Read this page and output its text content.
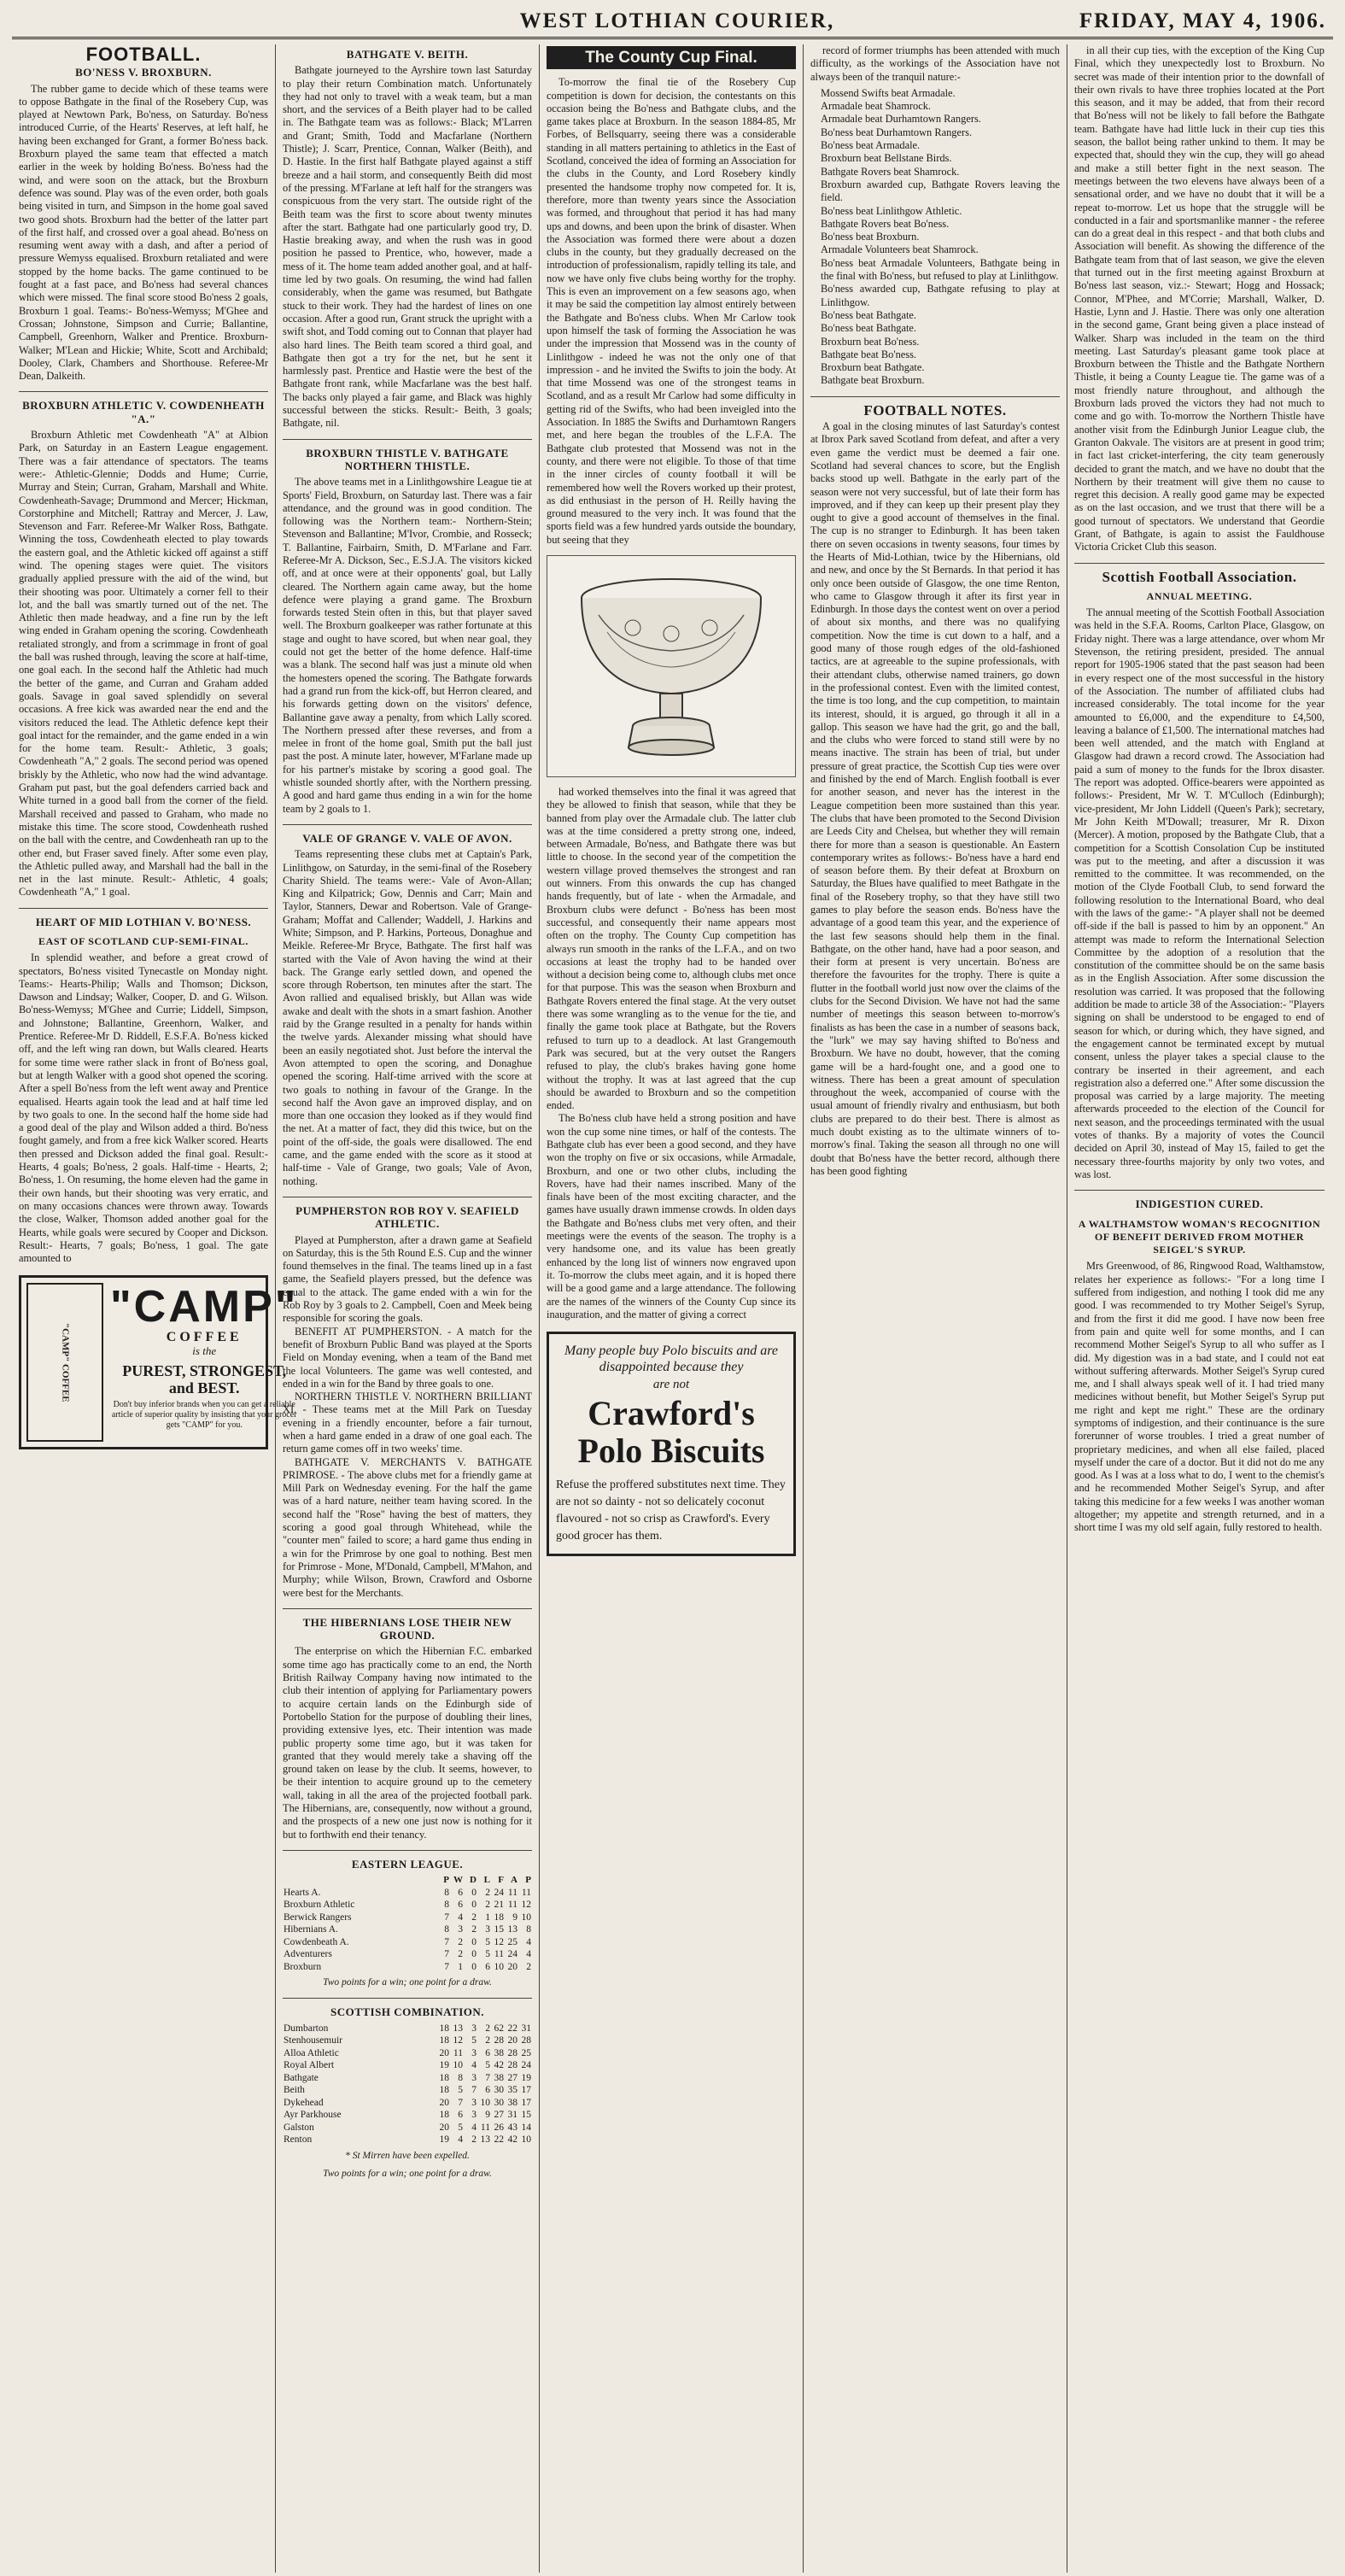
WEST LOTHIAN COURIER,	FRIDAY, MAY 4, 1906.
FOOTBALL.
BO'NESS V. BROXBURN.

The rubber game to decide which of these teams were to oppose Bathgate in the final of the Rosebery Cup, was played at Newtown Park, Bo'ness, on Saturday. Bo'ness introduced Currie, of the Hearts' Reserves, at left half, he having been exchanged for Grant, a former Bo'ness back. Broxburn played the same team that effected a match earlier in the week by holding Bo'ness. Bo'ness had the wind, and were soon on the attack, but the Broxburn defence was sound. Play was of the even order, both goals being visited in turn, and Simpson in the home goal saved two good shots. Broxburn had the better of the latter part of the first half, and crossed over a goal ahead. Bo'ness on resuming went away with a dash, and after a period of pressure Wemyss equalised. Broxburn retaliated and were stopped by the home backs. The game continued to be fought at a fast pace, and Bo'ness had several chances which were missed. The final score stood Bo'ness 2 goals, Broxburn 1 goal. Teams:- Bo'ness-Wemyss; M'Ghee and Crossan; Johnstone, Simpson and Currie; Ballantine, Campbell, Greenhorn, Walker and Prentice. Broxburn-Walker; M'Lean and Hickie; White, Scott and Archibald; Dooley, Clark, Chambers and Shorthouse. Referee-Mr Dean, Dalkeith.

BROXBURN ATHLETIC V. COWDENHEATH "A."

Broxburn Athletic met Cowdenheath "A" at Albion Park, on Saturday in an Eastern League engagement. There was a fair attendance of spectators. The teams were:- Athletic-Glennie; Dodds and Hume; Currie, Murray and Stein; Curran, Graham, Marshall and White. Cowdenheath-Savage; Drummond and Mercer; Hickman, Corstorphine and Mitchell; Rattray and Mercer, J. Law, Stevenson and Farr. Referee-Mr Walker Ross, Bathgate. Winning the toss, Cowdenheath elected to play towards the eastern goal, and the Athletic kicked off against a stiff wind. The opening stages were quiet. The visitors gradually applied pressure with the aid of the wind, but their shooting was poor. Ultimately a corner fell to their lot, and the ball was smartly turned out of the net. The Athletic then made headway, and a fine run by the left wing ended in Graham opening the scoring. Cowdenheath retaliated strongly, and from a scrimmage in front of goal the ball was rushed through, leaving the score at half-time, one goal each. In the second half the Athletic had much the better of the game, and Curran and Graham added goals. Savage in goal saved splendidly on several occasions. A free kick was awarded near the end and the visitors reduced the lead. The Athletic defence kept their goal intact for the remainder, and the game ended in a win for the home team. Result:- Athletic, 3 goals; Cowdenheath "A," 2 goals. The second period was opened briskly by the Athletic, who now had the wind advantage. Graham put past, but the goal defenders carried back and White turned in a good ball from the corner of the field. Marshall received and passed to Graham, who made no mistake this time. The score stood, Cowdenheath rushed on the ball with the centre, and Cowdenheath ran up to the other end, but Fraser saved finely. After some even play, the Athletic pulled away, and Marshall had the ball in the net in the last minute. Result:- Athletic, 4 goals; Cowdenheath "A," 1 goal.

HEART OF MID LOTHIAN V. BO'NESS.
EAST OF SCOTLAND CUP-SEMI-FINAL.

In splendid weather, and before a great crowd of spectators, Bo'ness visited Tynecastle on Monday night. Teams:- Hearts-Philip; Walls and Thomson; Dickson, Dawson and Lindsay; Walker, Cooper, D. and G. Wilson. Bo'ness-Wemyss; M'Ghee and Currie; Liddell, Simpson, and Johnstone; Ballantine, Greenhorn, Walker, and Prentice. Referee-Mr D. Riddell, E.S.F.A. Bo'ness kicked off, and the left wing ran down, but Walls cleared. Hearts for some time were rather slack in front of Bo'ness goal, but at length Walker with a good shot opened the scoring. After a spell Bo'ness from the left went away and Prentice equalised. Hearts again took the lead and at half time led by two goals to one. In the second half the home side had a good deal of the play and Wilson added a third. Bo'ness fought gamely, and from a free kick Walker scored. Hearts then pressed and Dickson added the final goal. Result:- Hearts, 4 goals; Bo'ness, 2 goals. Half-time - Hearts, 2; Bo'ness, 1. On resuming, the home eleven had the game in their own hands, but their shooting was very erratic, and on many occasions chances were thrown away. Towards the close, Walker, Thomson added another goal for the Hearts, while goals were secured by Cooper and Dickson. Result:- Hearts, 7 goals; Bo'ness, 1 goal. The gate amounted to

"CAMP" COFFEE
"CAMP"
COFFEE
is the
PUREST, STRONGEST, and BEST.
Don't buy inferior brands when you can get a reliable article of superior quality by insisting that your grocer gets "CAMP" for you.
BATHGATE V. BEITH.

Bathgate journeyed to the Ayrshire town last Saturday to play their return Combination match. Unfortunately they had not only to travel with a weak team, but a man short, and the services of a Beith player had to be called in. The Bathgate team was as follows:- Black; M'Larren and Grant; Smith, Todd and Macfarlane (Northern Thistle); J. Scarr, Prentice, Connan, Walker (Beith), and D. Hastie. In the first half Bathgate played against a stiff breeze and a hail storm, and consequently Beith did most of the pressing. M'Farlane at left half for the strangers was conspicuous from the very start. The outside right of the Beith team was the first to score about twenty minutes after the start. Bathgate had one particularly good try, D. Hastie breaking away, and when the rush was in good position he passed to Prentice, who, however, made a mess of it. The home team added another goal, and at half-time led by two goals. On resuming, the wind had fallen considerably, when the game was resumed, but Bathgate stuck to their work. They had the hardest of lines on one occasion. After a good run, Grant struck the upright with a swift shot, and Todd coming out to Connan that player had also hard lines. The Beith team scored a third goal, and Bathgate then got a try for the net, but he sent it harmlessly past. Prentice and Hastie were the best of the Bathgate front rank, while Macfarlane was the best half. The backs only played a fair game, and Black was highly successful between the sticks. Result:- Beith, 3 goals; Bathgate, nil.

BROXBURN THISTLE V. BATHGATE NORTHERN THISTLE.

The above teams met in a Linlithgowshire League tie at Sports' Field, Broxburn, on Saturday last. There was a fair attendance, and the ground was in good condition. The following was the Northern team:- Northern-Stein; Stevenson and Ballantine; M'Ivor, Crombie, and Rosseck; T. Ballantine, Fairbairn, Smith, D. M'Farlane and Farr. Referee-Mr A. Dickson, Sec., E.S.J.A. The visitors kicked off, and at once were at their opponents' goal, but Lally cleared. The Northern again came away, but the home defence were playing a grand game. The Broxburn forwards tested Stein often in this, but that player saved well. The Broxburn goalkeeper was rather fortunate at this stage and ought to have scored, but when near goal, they could not get the better of the home defence. Half-time was a blank. The second half was just a minute old when the homesters opened the scoring. The Bathgate forwards had a grand run from the kick-off, but Herron cleared, and his forwards getting down on the visitors' defence, Ballantine gave away a penalty, from which Lally scored. The Northern pressed after these reverses, and from a melee in front of the home goal, Smith put the ball just past the post. A minute later, however, M'Farlane made up for his partner's mistake by scoring a good goal. The whistle sounded shortly after, with the Northern pressing. A good and hard game thus ending in a win for the home team by 2 goals to 1.

VALE OF GRANGE V. VALE OF AVON.

Teams representing these clubs met at Captain's Park, Linlithgow, on Saturday, in the semi-final of the Rosebery Charity Shield. The teams were:- Vale of Avon-Allan; King and Kilpatrick; Gow, Dennis and Carr; Main and Taylor, Stanners, Dewar and Robertson. Vale of Grange-Graham; Moffat and Callender; Waddell, J. Harkins and White; Simpson, and P. Harkins, Porteous, Donaghue and Meikle. Referee-Mr Bryce, Bathgate. The first half was started with the Vale of Avon having the wind at their back. The Grange early settled down, and opened the score through Robertson, ten minutes after the start. The Avon rallied and equalised briskly, but Allan was wide awake and dealt with the shots in a smart fashion. Another raid by the Grange resulted in a penalty for hands within the twelve yards. Alexander missing what should have been an easily negotiated shot. Just before the interval the Avon attempted to open the scoring, and Donaghue opened the scoring. Half-time arrived with the score at two goals to nothing in favour of the Grange. In the second half the Avon gave an improved display, and on more than one occasion they looked as if they would find the net. At a matter of fact, they did this twice, but on the point of the off-side, the goals were disallowed. The end came, and the game ended with the score as it stood at half-time - Vale of Grange, two goals; Vale of Avon, nothing.

PUMPHERSTON ROB ROY V. SEAFIELD ATHLETIC.

Played at Pumpherston, after a drawn game at Seafield on Saturday, this is the 5th Round E.S. Cup and the winner found themselves in the final. The teams lined up in a fast game, the Seafield players pressed, but the defence was equal to the attack. The game ended with a win for the Rob Roy by 3 goals to 2. Campbell, Coen and Meek being responsible for scoring the goals.

BENEFIT AT PUMPHERSTON. - A match for the benefit of Broxburn Public Band was played at the Sports Field on Monday evening, when a team of the Band met the local Volunteers. The game was well contested, and ended in a win for the Band by three goals to one.

NORTHERN THISTLE V. NORTHERN BRILLIANT XI. - These teams met at the Mill Park on Tuesday evening in a friendly encounter, before a fair turnout, when a hard game ended in a draw of one goal each. The return game comes off in two weeks' time.

BATHGATE V. MERCHANTS V. BATHGATE PRIMROSE. - The above clubs met for a friendly game at Mill Park on Wednesday evening. For the half the game was of a hard nature, neither team having scored. In the second half the "Rose" having the best of matters, they scoring a good goal through Whitehead, while the "counter men" failed to score; a hard game thus ending in a win for the Primrose by one goal to nothing. Best men for Primrose - Mone, M'Donald, Campbell, M'Mahon, and Murphy; while Wilson, Brown, Crawford and Osborne were best for the Merchants.

THE HIBERNIANS LOSE THEIR NEW GROUND.

The enterprise on which the Hibernian F.C. embarked some time ago has practically come to an end, the North British Railway Company having now intimated to the club their intention of applying for Parliamentary powers to acquire certain lands on the Edinburgh side of Portobello Station for the purpose of doubling their lines, providing extensive lyes, etc. Their intention was made public property some time ago, but it was taken for granted that they would merely take a shaving off the ground taken on lease by the club. It seems, however, to be their intention to acquire ground up to the cemetery wall, taking in all the area of the projected football park. The Hibernians, are, consequently, now without a ground, and the prospects of a new one just now is nothing for it but to forthwith end their tenancy.

EASTERN LEAGUE.
	P	W	D	L	F	A	P
Hearts A.	8	6	0	2	24	11	11
Broxburn Athletic	8	6	0	2	21	11	12
Berwick Rangers	7	4	2	1	18	9	10
Hibernians A.	8	3	2	3	15	13	8
Cowdenbeath A.	7	2	0	5	12	25	4
Adventurers	7	2	0	5	11	24	4
Broxburn	7	1	0	6	10	20	2
Two points for a win; one point for a draw.
SCOTTISH COMBINATION.
Dumbarton	18	13	3	2	62	22	31
Stenhousemuir	18	12	5	2	28	20	28
Alloa Athletic	20	11	3	6	38	28	25
Royal Albert	19	10	4	5	42	28	24
Bathgate	18	8	3	7	38	27	19
Beith	18	5	7	6	30	35	17
Dykehead	20	7	3	10	30	38	17
Ayr Parkhouse	18	6	3	9	27	31	15
Galston	20	5	4	11	26	43	14
Renton	19	4	2	13	22	42	10
* St Mirren have been expelled.
Two points for a win; one point for a draw.
The County Cup Final.

To-morrow the final tie of the Rosebery Cup competition is down for decision, the contestants on this occasion being the Bo'ness and Bathgate clubs, and the game takes place at Broxburn. In the season 1884-85, Mr Forbes, of Bellsquarry, seeing there was a considerable standing in all matters pertaining to athletics in the East of Scotland, conceived the idea of forming an Association for the clubs in the County, and Lord Rosebery kindly presented the handsome trophy now competed for. It is, therefore, more than twenty years since the Association was formed, and throughout that period it has had many ups and downs, and been upon the brink of disaster. When the Association was formed there were about a dozen clubs in the county, but they gradually decreased on the introduction of professionalism, rapidly telling its tale, and now we have only five clubs being worthy for the trophy. This is even an improvement on a few seasons ago, when it may be said the competition lay almost entirely between the Bathgate and Bo'ness clubs. When Mr Carlow took upon himself the task of forming the Association he was under the impression that Mossend was in the county of Linlithgow - indeed he was not the only one of that impression - and he invited the Swifts to join the body. At that time Mossend was one of the strongest teams in Scotland, and as a result Mr Carlow had some difficulty in getting rid of the Swifts, who had been inveigled into the Association. In 1885 the Swifts and Durhamtown Rangers met, and here began the troubles of the L.F.A. The Bathgate club protested that Mossend was not in the county, and there were not eligible. To those of that time in the inner circles of county football it will be remembered how well the Rovers worked up their protest, as did enthusiast in the person of H. Reilly having the ground measured to the very inch. It was found that the sports field was a few hundred yards outside the boundary, but seeing that they

had worked themselves into the final it was agreed that they be allowed to finish that season, while that they be banned from play over the Armadale club. The latter club was at the time considered a pretty strong one, indeed, between Armadale, Bo'ness, and Bathgate there was but little to choose. In the second year of the competition the western village proved themselves the strongest and ran out winners. From this onwards the cup has changed hands frequently, but of late - when the Armadale, and Broxburn clubs were defunct - Bo'ness has been most successful, and consequently their name appears most often on the trophy. The County Cup competition has always run smooth in the ranks of the L.F.A., and on two occasions at least the trophy had to be handed over without a decision being come to, although clubs met once for that purpose. This was the season when Broxburn and Bathgate Rovers entered the final stage. At the very outset there was some wrangling as to the venue for the tie, and finally the game took place at Bathgate, but the Rovers refused to turn up to a deadlock. At last Grangemouth Park was secured, but at the very outset the Rangers refused to play, the club's brakes having gone home without the trophy. It was at last agreed that the cup should be awarded to Broxburn and so the competition ended.

The Bo'ness club have held a strong position and have won the cup some nine times, or half of the contests. The Bathgate club has ever been a good second, and they have won the trophy on five or six occasions, while Armadale, Broxburn, and one or two other clubs, including the Rovers, have had their names inscribed. Many of the finals have been of the most exciting character, and the games have usually drawn immense crowds. In olden days the Bathgate and Bo'ness clubs met very often, and their meetings were the events of the season. The trophy is a very handsome one, and its value has been greatly enhanced by the long list of winners now engraved upon it. To-morrow the clubs meet again, and it is hoped there will be a good game and a large attendance. The following are the names of the winners of the County Cup since its inauguration, and the matter of giving a correct

Many people buy Polo biscuits and are disappointed because they
are not
Crawford's
Polo Biscuits
Refuse the proffered substitutes next time. They are not so dainty - not so delicately coconut flavoured - not so crisp as Crawford's. Every good grocer has them.

record of former triumphs has been attended with much difficulty, as the workings of the Association have not always been of the tranquil nature:-

Mossend Swifts beat Armadale.
Armadale beat Shamrock.
Armadale beat Durhamtown Rangers.
Bo'ness beat Durhamtown Rangers.
Bo'ness beat Armadale.
Broxburn beat Bellstane Birds.
Bathgate Rovers beat Shamrock.
Broxburn awarded cup, Bathgate Rovers leaving the field.
Bo'ness beat Linlithgow Athletic.
Bathgate Rovers beat Bo'ness.
Bo'ness beat Broxburn.
Armadale Volunteers beat Shamrock.
Bo'ness beat Armadale Volunteers, Bathgate being in the final with Bo'ness, but refused to play at Linlithgow.
Bo'ness awarded cup, Bathgate refusing to play at Linlithgow.
Bo'ness beat Bathgate.
Bo'ness beat Bathgate.
Broxburn beat Bo'ness.
Bathgate beat Bo'ness.
Broxburn beat Bathgate.
Bathgate beat Broxburn.
FOOTBALL NOTES.

A goal in the closing minutes of last Saturday's contest at Ibrox Park saved Scotland from defeat, and after a very even game the verdict must be deemed a fair one. Scotland had several chances to score, but the English backs stood up well. Bathgate in the early part of the season were not very successful, but of late their form has improved, and if they can keep up their present play they ought to give a good account of themselves in the final. The cup is no stranger to Edinburgh. It has been taken there on seven occasions in twenty seasons, four times by the Hearts of Mid-Lothian, twice by the Hibernians, old and new, and once by the St Bernards. In that period it has only once been outside of Glasgow, the one time Renton, who came to Glasgow through it after its first year in Edinburgh. In those days the contest went on over a period of about six months, and there was no qualifying competition. Now the time is cut down to a half, and a good many of those rough edges of the old-fashioned tactics, are at agreeable to the supine professionals, with their attendant clubs, otherwise named trainers, go down in the professional contest. Even with the limited contest, the time is too long, and the cup competition, to maintain its interest, should, it is argued, go through it all in a gallop. This season we have had the grit, go and the ball, and the clubs who were forced to stand still were by no means inactive. The strain has been of trial, but under pressure of great practice, the Scottish Cup ties were over and finished by the end of March. English football is ever for another season, and never has the interest in the League competition been more sustained than this year. The clubs that have been promoted to the Second Division are Leeds City and Chelsea, but whether they will remain there for more than a season is questionable. An Eastern contemporary writes as follows:- Bo'ness have a hard end of season before them. By their defeat at Broxburn on Saturday, the Blues have qualified to meet Bathgate in the final of the Rosebery trophy, so that they have still two games to play before the season ends. Bo'ness have the advantage of a good team this year, and the experience of the last few seasons should help them in the final. Bathgate, on the other hand, have had a poor season, and their form at present is very uncertain. Bo'ness are therefore the favourites for the trophy. There is quite a flutter in the football world just now over the claims of the clubs for the Second Division. We have not had the same number of meetings this season between to-morrow's finalists as has been the case in a number of seasons back, the "lurk" we may say having shifted to Bo'ness and Broxburn. We have no doubt, however, that the coming game will be a hard-fought one, and a good one to witness. There has been a great amount of speculation throughout the week, accompanied of course with the usual amount of friendly rivalry and enthusiasm, but both clubs are prepared to do their best. There is almost as much doubt existing as to the ultimate winners of to-morrow's final. Taking the season all through no one will doubt that Bo'ness have the better record, although there has been good fighting

in all their cup ties, with the exception of the King Cup Final, which they unexpectedly lost to Broxburn. No secret was made of their intention prior to the downfall of their own rivals to have three trophies located at the Port this season, and it may be added, that from their record that Bo'ness will not be likely to fall before the Bathgate team. Bathgate have had little luck in their cup ties this season, the ballot being rather unkind to them. It may be expected that, should they win the cup, they will go ahead and make a still better fight in the next season. The meetings between the two elevens have always been of a sensational order, and we have no doubt that it will be a repeat to-morrow. Let us hope that the struggle will be conducted in a fair and sportsmanlike manner - the referee can do a great deal in this respect - and that both clubs and Association will benefit. As showing the difference of the Bathgate team from that of last season, we give the eleven that turned out in the first meeting against Broxburn at Bo'ness last season, viz.:- Stewart; Hogg and Hossack; Connor, M'Phee, and M'Corrie; Marshall, Walker, D. Hastie, Lynn and J. Hastie. There was only one alteration in the second game, Grant being given a place instead of Walker. Sharp was included in the team on the third meeting. Last Saturday's pleasant game took place at Broxburn between the Thistle and the Bathgate Northern Thistle, it being a County League tie. The game was of a most friendly nature throughout, and although the Broxburn lads proved the victors they had not much to come and go with. To-morrow the Northern Thistle have another visit from the Edinburgh Junior League club, the Granton Oakvale. The visitors are at present in good trim; in fact last cricket-interfering, the city team generously decided to grant the match, and we have no doubt that the Northern by their treatment will give them no cause to regret this decision. A really good game may be expected as on the last occasion, and we trust that there will be a good turnout of spectators. We understand that Geordie Grant, of Bathgate, is again to assist the Fauldhouse Victoria Cricket Club this season.

Scottish Football Association.
ANNUAL MEETING.

The annual meeting of the Scottish Football Association was held in the S.F.A. Rooms, Carlton Place, Glasgow, on Friday night. There was a large attendance, over whom Mr Stevenson, the retiring president, presided. The annual report for 1905-1906 stated that the past season had been in every respect one of the most successful in the history of the Association. The number of affiliated clubs had increased considerably. The total income for the year amounted to £6,000, and the expenditure to £4,500, leaving a balance of £1,500. The international matches had been well attended, and the match with England at Glasgow had drawn a record crowd. The Association had paid a sum of money to the funds for the Ibrox disaster. The report was adopted. Office-bearers were appointed as follows:- President, Mr W. T. M'Culloch (Edinburgh); vice-president, Mr John Liddell (Queen's Park); secretary, Mr John Keith M'Dowall; treasurer, Mr R. Dixon (Mercer). A motion, proposed by the Bathgate Club, that a competition for a Scottish Consolation Cup be instituted was put to the meeting, and after a discussion it was remitted to the committee. It was recommended, on the motion of the Clyde Football Club, to send forward the following resolution to the International Board, who deal with the laws of the game:- "A player shall not be deemed off-side if the ball is passed to him by an opponent." An attempt was made to reform the International Selection Committee by the adoption of a resolution that the constitution of the committee should be on the same basis as in the English Association. After some discussion the resolution was carried. It was proposed that the following addition be made to article 38 of the Association:- "Players signing on shall be understood to be engaged to end of season for which, or during which, they have signed, and the engagement cannot be terminated except by mutual consent, unless the player takes a special clause to the contrary be inserted in their agreement, and each registration also a deferred one." After some discussion the proposal was carried by a large majority. The meeting afterwards proceeded to the election of the Council for next season, and the proceedings terminated with the usual votes of thanks. By a majority of votes the Council decided on April 30, instead of May 15, failed to get the necessary three-fourths majority by only two votes, and was lost.

INDIGESTION CURED.
A WALTHAMSTOW WOMAN'S RECOGNITION OF BENEFIT DERIVED FROM MOTHER SEIGEL'S SYRUP.

Mrs Greenwood, of 86, Ringwood Road, Walthamstow, relates her experience as follows:- "For a long time I suffered from indigestion, and nothing I took did me any good. I was recommended to try Mother Seigel's Syrup, and from the first it did me good. I have now been free from pain and quite well for some months, and I can recommend Mother Seigel's Syrup to all who suffer as I did. My digestion was in a bad state, and I could not eat without suffering afterwards. Mother Seigel's Syrup cured me, and I shall always speak well of it. I had tried many medicines without benefit, but Mother Seigel's Syrup put me right and kept me right." These are the ordinary symptoms of indigestion, and their continuance is the sure forerunner of worse troubles. I tried a great number of proprietary medicines, and when all else failed, placed myself under the care of a doctor. But it did not do me any good. As I was at a loss what to do, I went to the chemist's and he recommended Mother Seigel's Syrup, and after taking this medicine for a few weeks I was another woman altogether; my appetite and strength returned, and in a short time I was my old self again, fully restored to health.
